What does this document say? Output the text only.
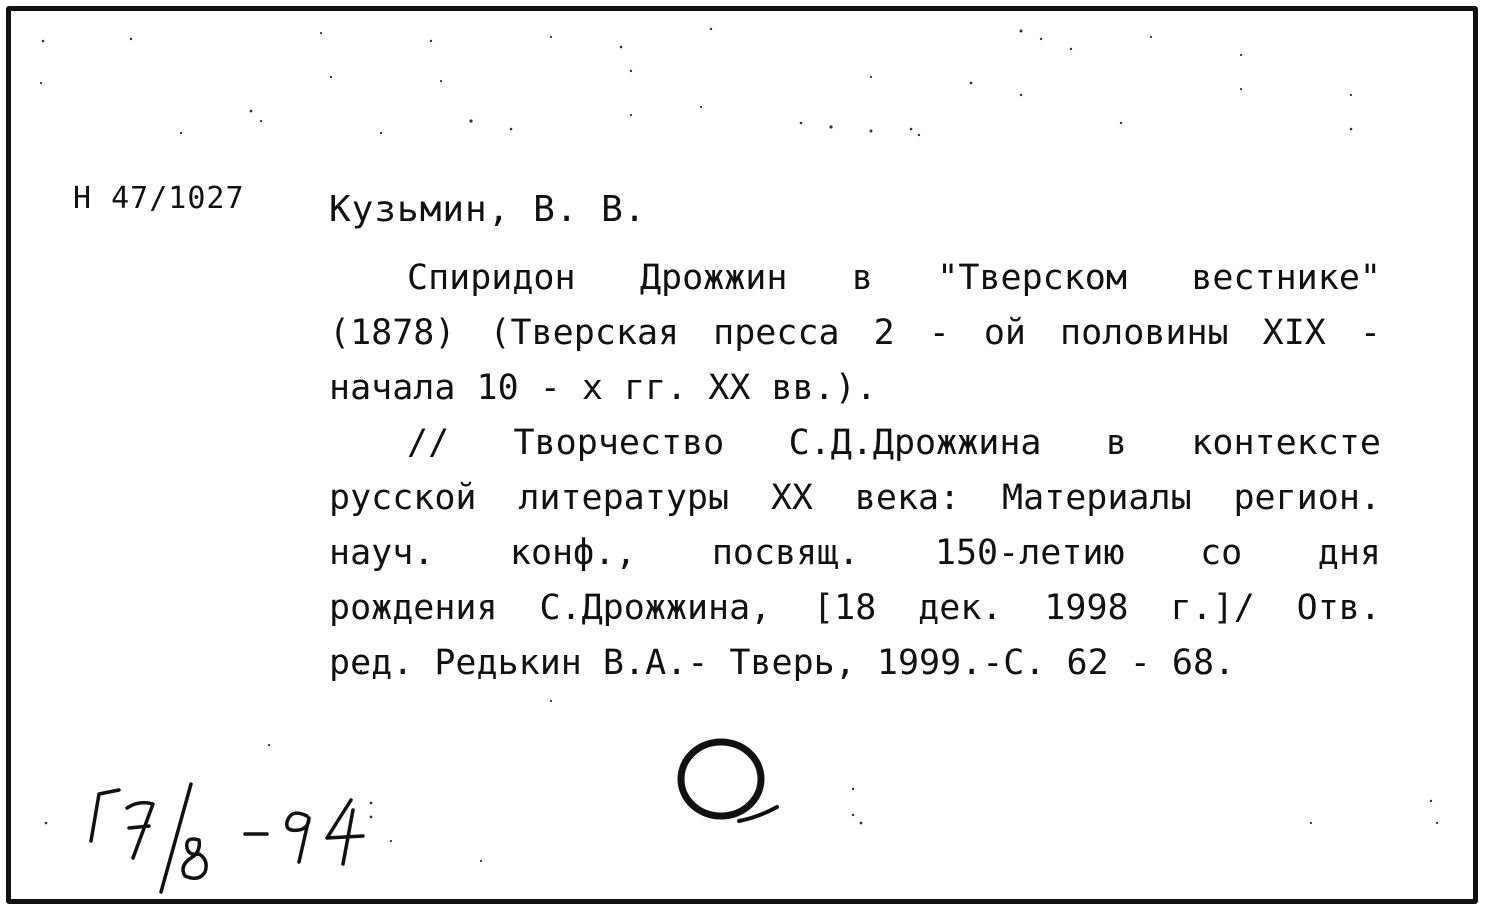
Н 47/1027 Кузьмин, В. В.
Спиридон Дрожжин в "Тверском вестнике"
(1878) (Тверская пресса 2 - ой половины XIX -
начала 10 - х гг. XX вв.).
// Творчество С.Д.Дрожжина в контексте
русской литературы XX века: Материалы регион.
науч. конф., посвящ. 150-летию со дня
рождения С.Дрожжина, [18 дек. 1998 г.]/ Отв.
ред. Редькин В.А.- Тверь, 1999.-С. 62 - 68.
